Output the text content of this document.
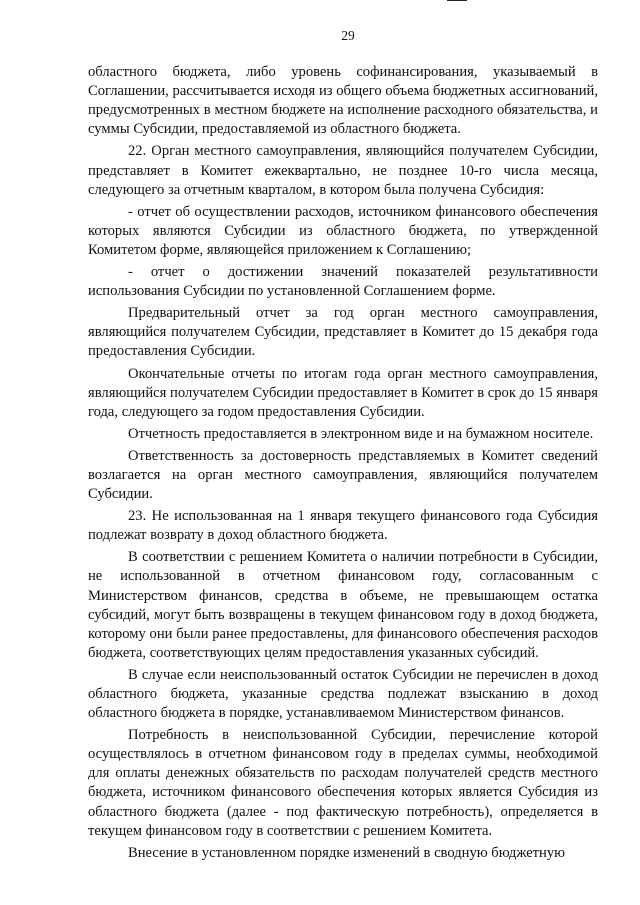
29

областного бюджета, либо уровень софинансирования, указываемый в Соглашении, рассчитывается исходя из общего объема бюджетных ассигнований, предусмотренных в местном бюджете на исполнение расходного обязательства, и суммы Субсидии, предоставляемой из областного бюджета.

22. Орган местного самоуправления, являющийся получателем Субсидии, представляет в Комитет ежеквартально, не позднее 10-го числа месяца, следующего за отчетным кварталом, в котором была получена Субсидия:

- отчет об осуществлении расходов, источником финансового обеспечения которых являются Субсидии из областного бюджета, по утвержденной Комитетом форме, являющейся приложением к Соглашению;

- отчет о достижении значений показателей результативности использования Субсидии по установленной Соглашением форме.

Предварительный отчет за год орган местного самоуправления, являющийся получателем Субсидии, представляет в Комитет до 15 декабря года предоставления Субсидии.

Окончательные отчеты по итогам года орган местного самоуправления, являющийся получателем Субсидии предоставляет в Комитет в срок до 15 января года, следующего за годом предоставления Субсидии.

Отчетность предоставляется в электронном виде и на бумажном носителе.

Ответственность за достоверность представляемых в Комитет сведений возлагается на орган местного самоуправления, являющийся получателем Субсидии.

23. Не использованная на 1 января текущего финансового года Субсидия подлежат возврату в доход областного бюджета.

В соответствии с решением Комитета о наличии потребности в Субсидии, не использованной в отчетном финансовом году, согласованным с Министерством финансов, средства в объеме, не превышающем остатка субсидий, могут быть возвращены в текущем финансовом году в доход бюджета, которому они были ранее предоставлены, для финансового обеспечения расходов бюджета, соответствующих целям предоставления указанных субсидий.

В случае если неиспользованный остаток Субсидии не перечислен в доход областного бюджета, указанные средства подлежат взысканию в доход областного бюджета в порядке, устанавливаемом Министерством финансов.

Потребность в неиспользованной Субсидии, перечисление которой осуществлялось в отчетном финансовом году в пределах суммы, необходимой для оплаты денежных обязательств по расходам получателей средств местного бюджета, источником финансового обеспечения которых является Субсидия из областного бюджета (далее - под фактическую потребность), определяется в текущем финансовом году в соответствии с решением Комитета.

Внесение в установленном порядке изменений в сводную бюджетную
